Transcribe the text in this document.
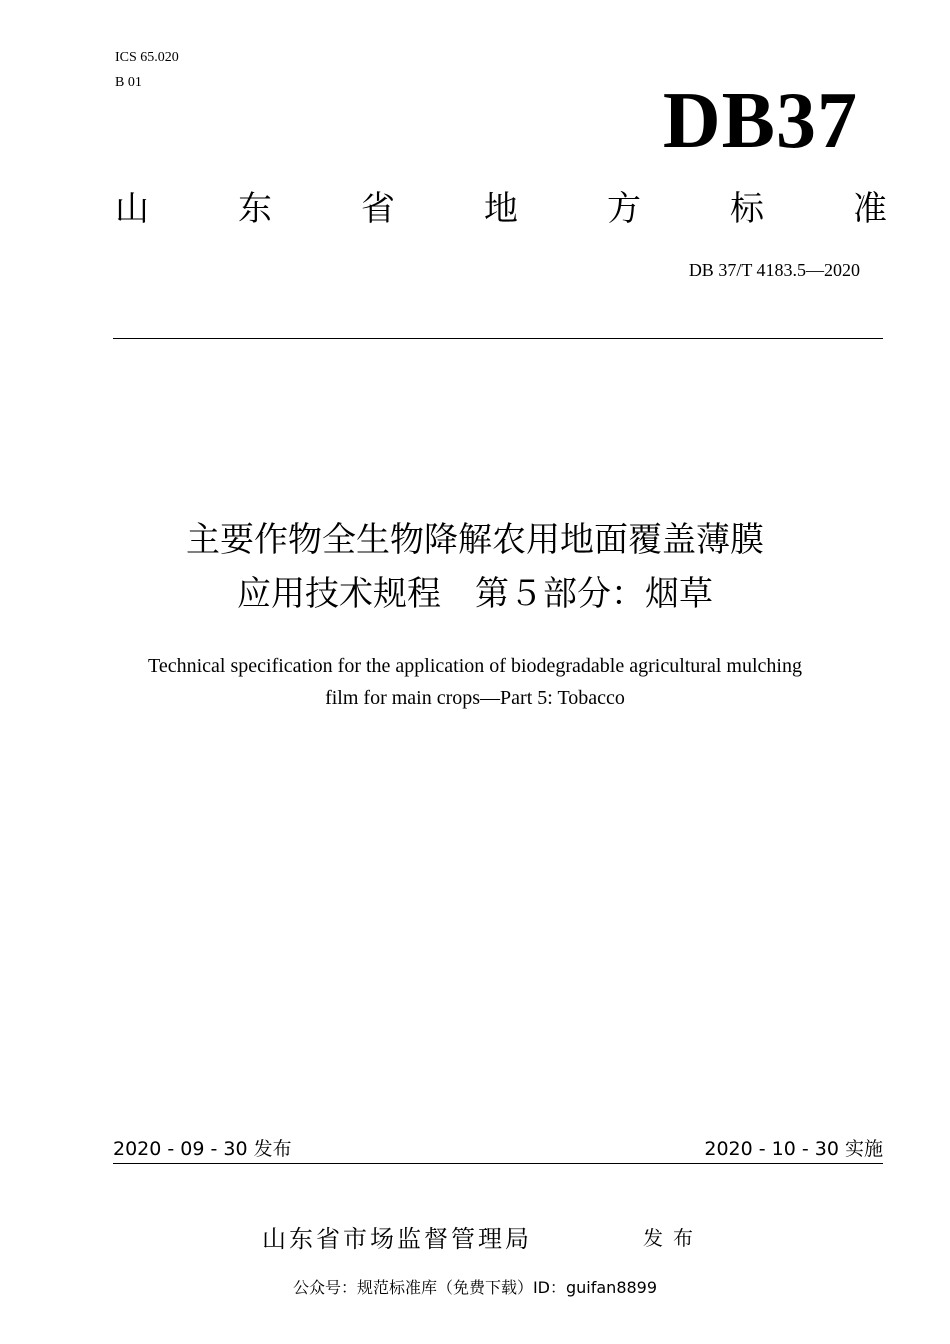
ICS 65.020
B 01	DB37
山	东	省	地	方	标	准
DB 37/T 4183.5—2020
主要作物全生物降解农用地面覆盖薄膜
应用技术规程　第５部分：烟草
Technical specification for the application of biodegradable agricultural mulching
film for main crops—Part 5: Tobacco
2020 - 09 - 30 发布	2020 - 10 - 30 实施
山东省市场监督管理局	发布
公众号：规范标准库（免费下载）ID：guifan8899
